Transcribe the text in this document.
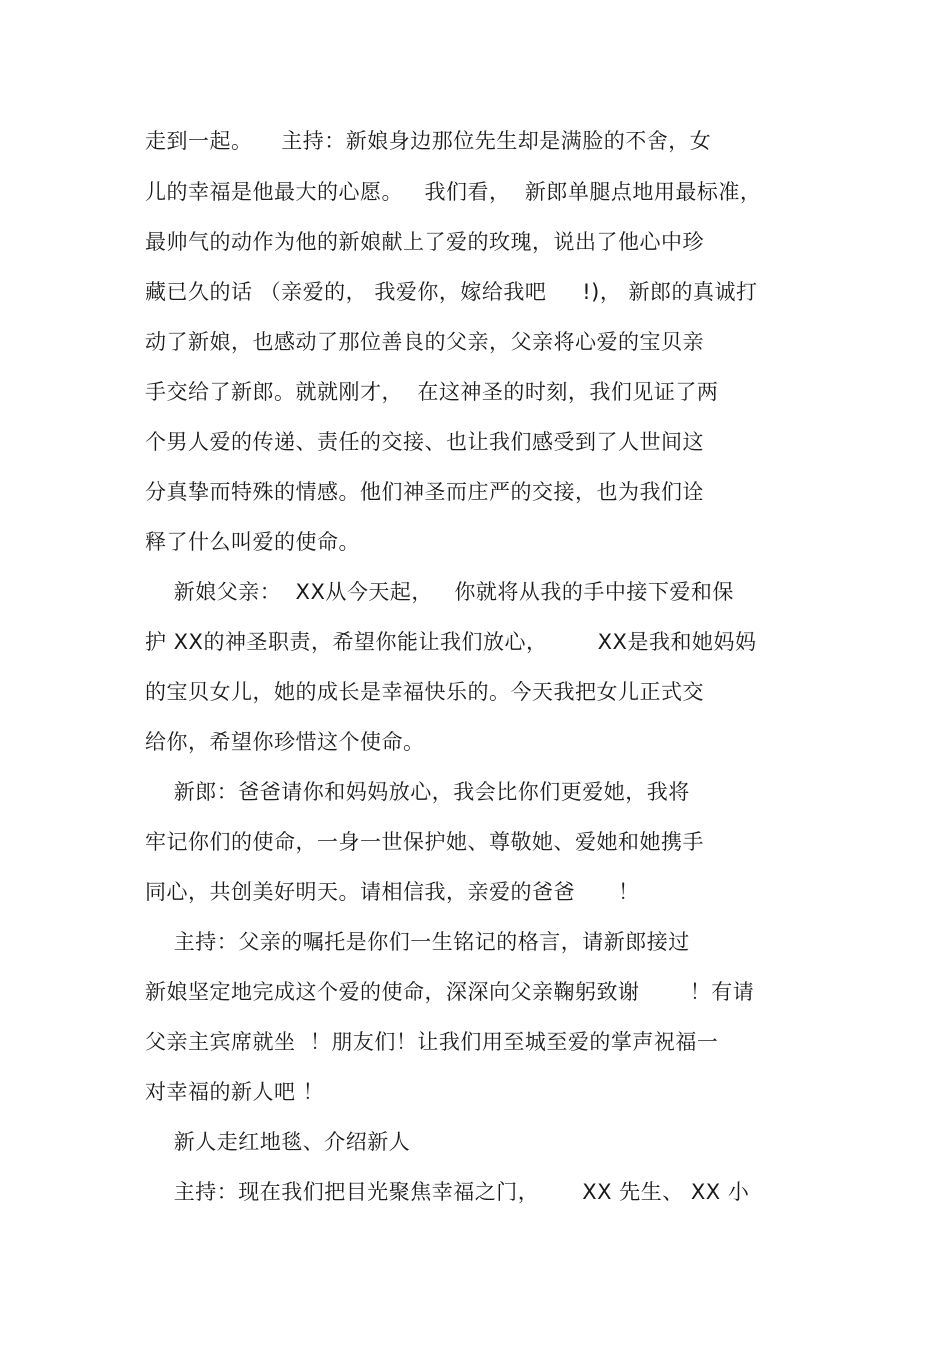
走到一起。    主持：新娘身边那位先生却是满脸的不舍，女
儿的幸福是他最大的心愿。   我们看，  新郎单腿点地用最标准，
最帅气的动作为他的新娘献上了爱的玫瑰，说出了他心中珍
藏已久的话 （亲爱的， 我爱你，嫁给我吧     !)， 新郎的真诚打
动了新娘，也感动了那位善良的父亲，父亲将心爱的宝贝亲
手交给了新郎。就就刚才，  在这神圣的时刻，我们见证了两
个男人爱的传递、责任的交接、也让我们感受到了人世间这
分真挚而特殊的情感。他们神圣而庄严的交接，也为我们诠
释了什么叫爱的使命。
新娘父亲：  XX从今天起，   你就将从我的手中接下爱和保
护 XX的神圣职责，希望你能让我们放心，       XX是我和她妈妈
的宝贝女儿，她的成长是幸福快乐的。今天我把女儿正式交
给你，希望你珍惜这个使命。
新郎：爸爸请你和妈妈放心，我会比你们更爱她，我将
牢记你们的使命，一身一世保护她、尊敬她、爱她和她携手
同心，共创美好明天。请相信我，亲爱的爸爸      ！
主持：父亲的嘱托是你们一生铭记的格言，请新郎接过
新娘坚定地完成这个爱的使命，深深向父亲鞠躬致谢       ！有请
父亲主宾席就坐  ！朋友们！让我们用至城至爱的掌声祝福一
对幸福的新人吧 ！
新人走红地毯、介绍新人
主持：现在我们把目光聚焦幸福之门，      XX 先生、 XX 小
